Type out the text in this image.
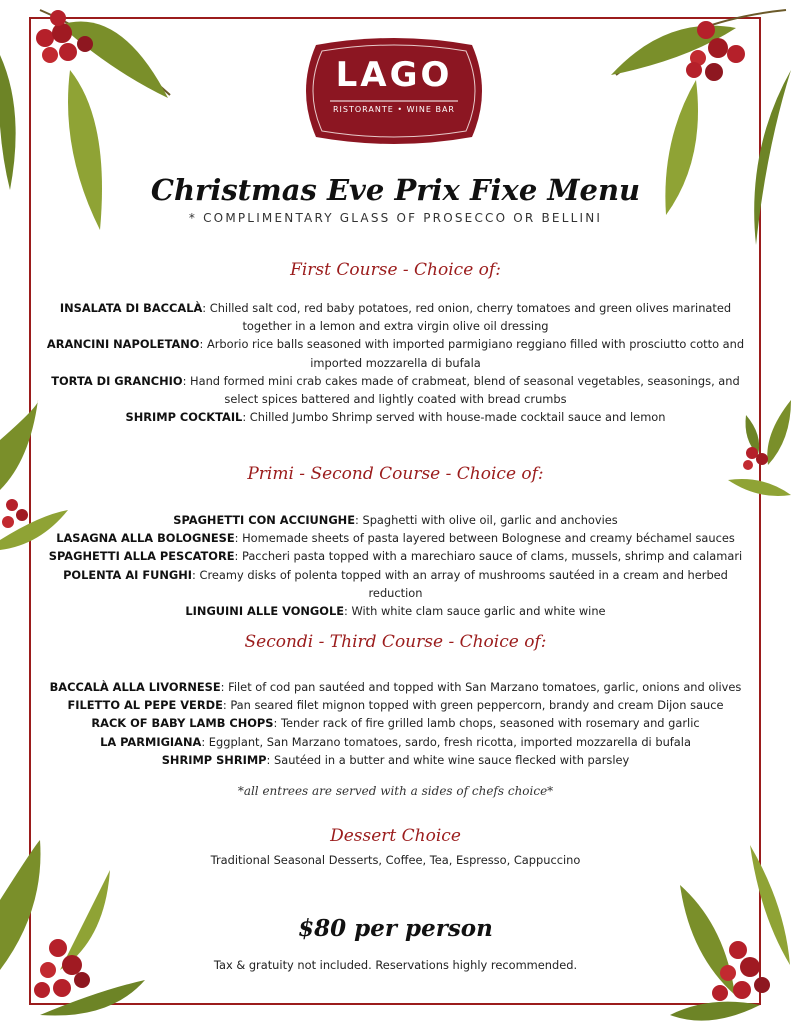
LAGO
RISTORANTE • WINE BAR
Christmas Eve Prix Fixe Menu
* COMPLIMENTARY GLASS OF PROSECCO OR BELLINI
First Course - Choice of:

INSALATA DI BACCALÀ: Chilled salt cod, red baby potatoes, red onion, cherry tomatoes and green olives marinated together in a lemon and extra virgin olive oil dressing

ARANCINI NAPOLETANO: Arborio rice balls seasoned with imported parmigiano reggiano filled with prosciutto cotto and imported mozzarella di bufala

TORTA DI GRANCHIO: Hand formed mini crab cakes made of crabmeat, blend of seasonal vegetables, seasonings, and select spices battered and lightly coated with bread crumbs

SHRIMP COCKTAIL: Chilled Jumbo Shrimp served with house-made cocktail sauce and lemon

Primi - Second Course - Choice of:

SPAGHETTI CON ACCIUNGHE: Spaghetti with olive oil, garlic and anchovies

LASAGNA ALLA BOLOGNESE: Homemade sheets of pasta layered between Bolognese and creamy béchamel sauces

SPAGHETTI ALLA PESCATORE: Paccheri pasta topped with a marechiaro sauce of clams, mussels, shrimp and calamari

POLENTA AI FUNGHI: Creamy disks of polenta topped with an array of mushrooms sautéed in a cream and herbed reduction

LINGUINI ALLE VONGOLE: With white clam sauce garlic and white wine

Secondi - Third Course - Choice of:

BACCALÀ ALLA LIVORNESE: Filet of cod pan sautéed and topped with San Marzano tomatoes, garlic, onions and olives

FILETTO AL PEPE VERDE: Pan seared filet mignon topped with green peppercorn, brandy and cream Dijon sauce

RACK OF BABY LAMB CHOPS: Tender rack of fire grilled lamb chops, seasoned with rosemary and garlic

LA PARMIGIANA: Eggplant, San Marzano tomatoes, sardo, fresh ricotta, imported mozzarella di bufala

SHRIMP SHRIMP: Sautéed in a butter and white wine sauce flecked with parsley

*all entrees are served with a sides of chefs choice*
Dessert Choice
Traditional Seasonal Desserts, Coffee, Tea, Espresso, Cappuccino
$80 per person
Tax & gratuity not included. Reservations highly recommended.
